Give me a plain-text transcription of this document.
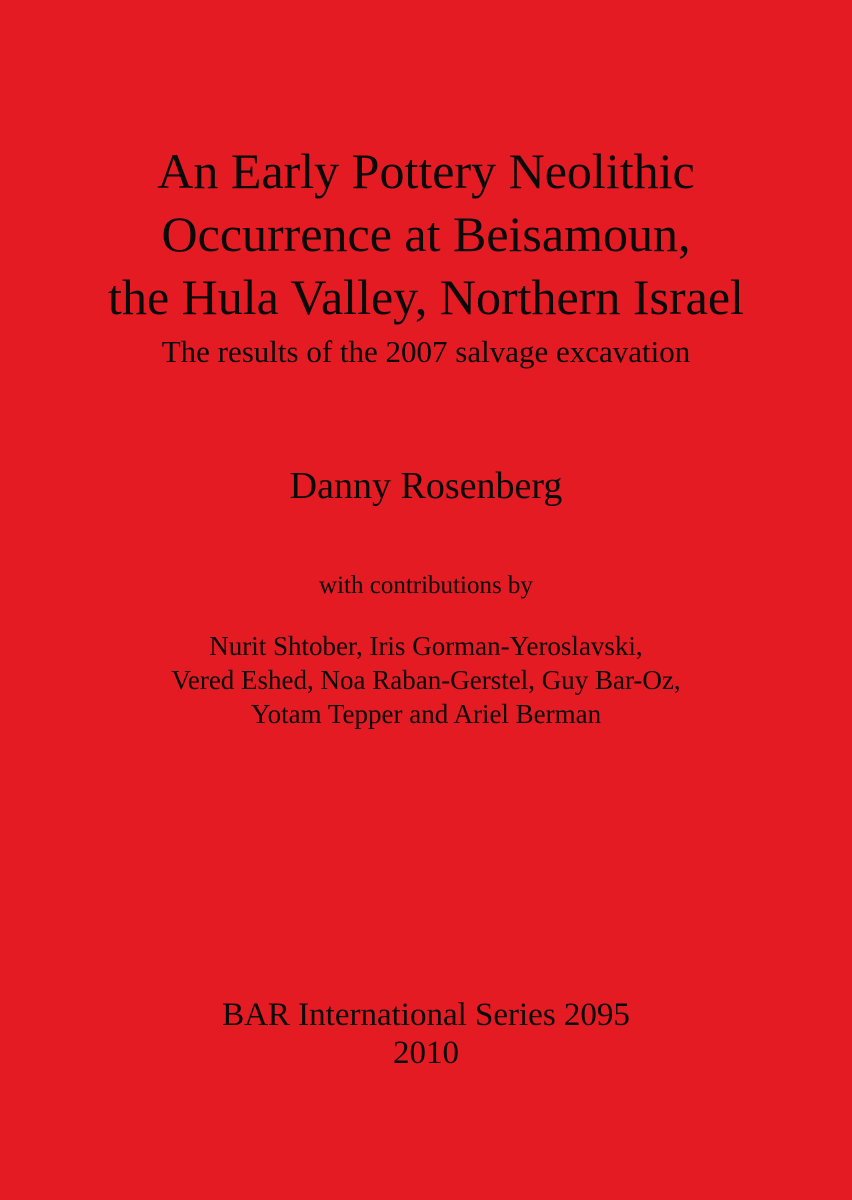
An Early Pottery Neolithic
Occurrence at Beisamoun,
the Hula Valley, Northern Israel
The results of the 2007 salvage excavation
Danny Rosenberg
with contributions by
Nurit Shtober, Iris Gorman-Yeroslavski,
Vered Eshed, Noa Raban-Gerstel, Guy Bar-Oz,
Yotam Tepper and Ariel Berman
BAR International Series 2095
2010
